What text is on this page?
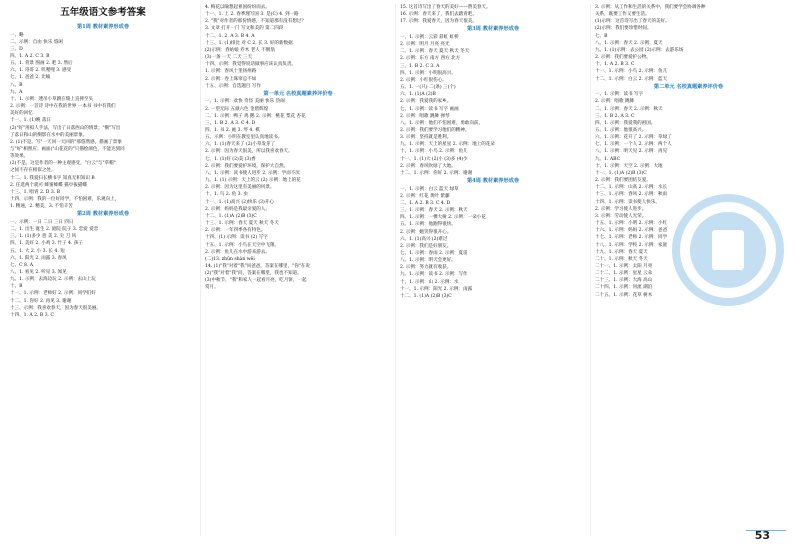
五年级语文参考答案

第1周 教材素养形成卷

一、略

二、示例：自由 快乐 悠闲

三、D

四、1. A 2. C 3. B

五、1. 背景 图画 2. 吧 3. 然后

六、1. 哥哥 2. 叽哩哩 3. 感受

七、1. 爸爸 2. 比喻

八、B

九、A

十、1. 示例：透吊小草跳在缝上直摔至头

2. 示例：一首诗 诗中在我的世界 一本书 书中有我们

美好的回忆

十一、1. (1)晚 落日

(2)"好"用拟人手法，写出了日落西山的情景；"倒"写出

了落日和山的倒影在水中的美丽景象。

2. (1)不是。写"一天回一天回的"那悠然感，描画了景象

与"好"相照应；画面("山花花的"只描绘颜色，不能达到同

等效果。

(2)不是。这是作者的一种主观感受，"白云"与"草帽"

之间不存在相似之处。

十二、1. 我爱扫长横书字 知真无积知识 B

2. 任选两个就可 蜂蜜蜂蝶 猫亭拔猫蝶

十三、1. 唱青 2. D 3. B

十四、示例：我的一位好同学，不怕困难，乐观向上，

1. 精通，2. 精美，3. 不怕辛苦

第2周 教材素养形成卷

一、示例：一日 二日 三日 四日

二、1. 出生 诞生 2. 庭院 院子 3. 恋爱 爱恋

三、1. (1)多少 意 美 2. 尖 刀 风

四、1. 美好 2. 小鸡 3. 竹子 4. 孩子

五、1. 大 2. 小 3. 长 4. 短

六、1. 阳光 2. 雨露 3. 春风

七、C 8. A

八、1. 看见 2. 听见 3. 闻见

九、1. 示例：去海边玩 2. 示例：去山上玩

十、B

十一、1. 示例：老师好 2. 示例：同学们好

十二、1. 你好 2. 再见 3. 谢谢

十三、示例：我喜欢春天，因为春天很美丽。

十四、1. A 2. B 3. C

4. 梅花以喻想起祖国纷纷而去。

十一、1. 上 2. 春季理写国 3. 是(C) 4. 到一路

2. "我"对作者的那份情感，不知道那有没有想过？

3. 文章 打开一门 写文和美的 第二四段

十二、1. 2. A 3. B 4. A

十三、1. (1)排比 对 C 2. 长 3. 好的新数据

(2)示例：春姑娘 乔木 老人 不倒翁

(3)一条 一天 二天 三天

十四、示例：我觉得说话做事应该认真负责。

1. 示例：春风十里扬州路

2. 示例：卷上珠帘总不如

十五、示例：自选题目 写作

第一单元 名校真题素养评价卷

一、1. 示例：欢快 奇怪 美丽 快乐 热闹

2. 一望无际 五颜六色 金碧辉煌

二、1. 示例：鸭子 鸡 鹅 2. 示例：桃花 梨花 杏花

三、1. B 2. A 3. C 4. D

四、1. 书 2. 画 3. 琴 4. 棋

五、示例：小明在教室里认真地读书。

六、1. (1)春天来了 (2)小草发芽了

2. 示例：因为春天很美，所以我喜欢春天。

七、1. (1)好 (2)美 (3)香

2. 示例：我们要爱护环境，保护大自然。

八、1. 示例：读书使人进步 2. 示例：学而不厌

九、1. (1) 示例：天上的云 (2) 示例：地上的花

2. 示例：因为这里有美丽的风景。

十、1. 鸟 2. 鱼 3. 虫

十一、1. (1)高兴 (2)快乐 (3)开心

2. 示例：妈妈是我最亲爱的人。

十二、1. (1)A (2)B (3)C

十三、1. 示例：春天 夏天 秋天 冬天

2. 示例：一年四季各有特色。

十四、(1) 示例：读书 (2) 写字

十五、1. 示例：小鸟在天空中飞翔。

2. 示例：鱼儿在水中游来游去。

(二)13. zhǔn shàn wēi

14. (1)"我"对着"我"问爸爸，答案在哪里，"你"在说

(2)"我"对着"我"问，答案在哪里，我也不知道。

(3)中秋节，"我"和家人一起看月亮，吃月饼，一起

赏月。

15. 这首诗写出了春天的美好——赞美春天。

16. 示例：春天来了，我们去踏青吧。

17. 示例：我爱春天，因为春天很美。

第3周 教材素养形成卷

一、1. 示例：云彩 彩虹 虹桥

2. 示例：明月 月亮 亮光

二、1. 示例：春天 夏天 秋天 冬天

2. 示例：东方 南方 西方 北方

三、1. B 2. C 3. A

四、1. 示例：小明很高兴。

2. 示例：小红很伤心。

五、1. 一(只) 二(条) 三(个)

六、1. (1)A (2)B

2. 示例：我爱我的家乡。

七、1. 示例：读书 写字 画画

2. 示例：唱歌 跳舞 弹琴

八、1. 示例：他们不怕困难，勇敢向前。

2. 示例：我们要学习他们的精神。

3. 示例：坚持就是胜利。

九、1. 示例：天上的星星 2. 示例：地上的花朵

十、1. 示例：小鸟 2. 示例：鱼儿

十一、1. (1)大 (2)小 (3)多 (4)少

2. 示例：春风吹绿了大地。

十二、1. 示例：你好 2. 示例：谢谢

第4周 教材素养形成卷

一、1. 示例：白云 蓝天 绿草

2. 示例：红花 黄叶 紫藤

二、1. A 2. B 3. C 4. D

三、1. 示例：春天 2. 示例：秋天

四、1. 示例：一棵大树 2. 示例：一朵小花

五、1. 示例：他跑得很快。

2. 示例：她笑得很开心。

六、1. (1)高兴 (2)难过

2. 示例：我们是好朋友。

七、1. 示例：春雨 2. 示例：夏雷

八、1. 示例：明天会更好。

2. 示例：努力就有收获。

九、1. 示例：读书 2. 示例：写作

十、1. 示例：山 2. 示例：水

十一、1. 示例：阳光 2. 示例：雨露

十二、1. (1)A (2)B (3)C

3. 示例：从工作和生活的关系中，我们要学会协调各种

关系，既要工作又要生活。

(1)示例：这首诗写出了春天的美好。

(2)示例：我们要珍惜时间。

七、B

八、1. 示例：春天 2. 示例：夏天

九、1. (1)示例：去公园 (2)示例：去游乐场

2. 示例：我们要爱护公物。

十、1. A 2. B 3. C

十一、1. 示例：小鸟 2. 示例：鱼儿

十二、1. 示例：白云 2. 示例：蓝天

第二单元 名校真题素养评价卷

一、1. 示例：读书 写字

2. 示例：唱歌 跳舞

二、1. 示例：春天 2. 示例：秋天

三、1. B 2. A 3. C

四、1. 示例：我爱我的祖国。

五、1. 示例：他很高兴。

六、1. 示例：花开了 2. 示例：草绿了

七、1. 示例：一个人 2. 示例：两个人

八、1. 示例：明天见 2. 示例：再见

九、1. ABC

十、1. 示例：天空 2. 示例：大地

十一、1. (1)A (2)B (3)C

2. 示例：我们要团结友爱。

十二、1. 示例：山高 2. 示例：水长

十三、1. 示例：春风 2. 示例：秋雨

十四、1. 示例：读书使人快乐。

2. 示例：学习使人进步。

3. 示例：劳动使人光荣。

十五、1. 示例：小明 2. 示例：小红

十六、1. 示例：妈妈 2. 示例：爸爸

十七、1. 示例：老师 2. 示例：同学

十八、1. 示例：学校 2. 示例：家庭

十九、1. 示例：春天 夏天

二十、1. 示例：秋天 冬天

二十一、1. 示例：太阳 月亮

二十二、1. 示例：星星 云朵

二十三、1. 示例：大海 高山

二十四、1. 示例：河流 湖泊

二十五、1. 示例：花草 树木

53
